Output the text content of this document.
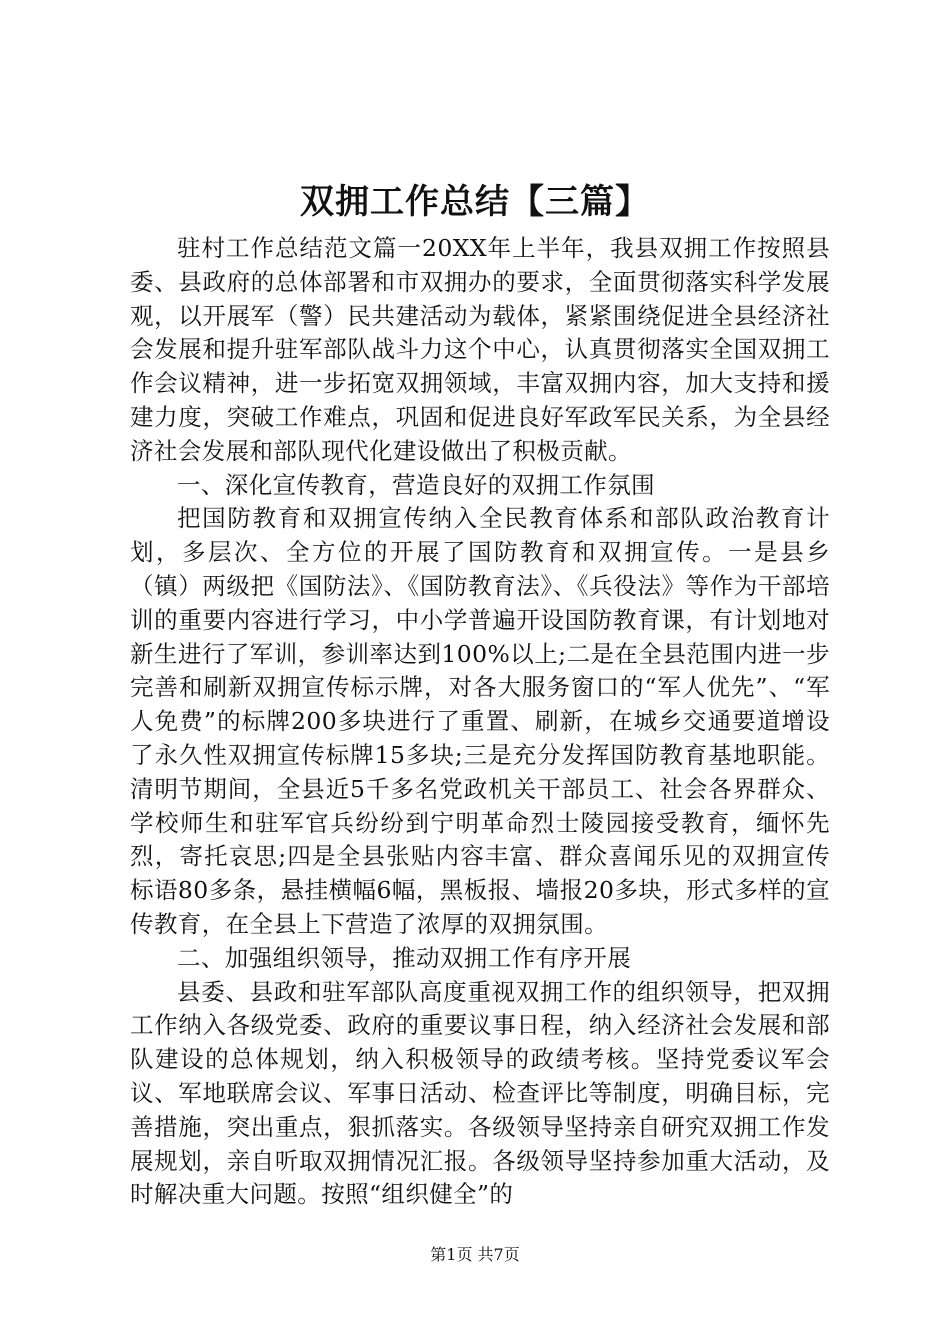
双拥工作总结【三篇】

驻村工作总结范文篇一20XX年上半年，我县双拥工作按照县委、县政府的总体部署和市双拥办的要求，全面贯彻落实科学发展观，以开展军（警）民共建活动为载体，紧紧围绕促进全县经济社会发展和提升驻军部队战斗力这个中心，认真贯彻落实全国双拥工作会议精神，进一步拓宽双拥领域，丰富双拥内容，加大支持和援建力度，突破工作难点，巩固和促进良好军政军民关系，为全县经济社会发展和部队现代化建设做出了积极贡献。

一、深化宣传教育，营造良好的双拥工作氛围

把国防教育和双拥宣传纳入全民教育体系和部队政治教育计划，多层次、全方位的开展了国防教育和双拥宣传。一是县乡（镇）两级把《国防法》、《国防教育法》、《兵役法》等作为干部培训的重要内容进行学习，中小学普遍开设国防教育课，有计划地对新生进行了军训，参训率达到100%以上;二是在全县范围内进一步完善和刷新双拥宣传标示牌，对各大服务窗口的“军人优先”、“军人免费”的标牌200多块进行了重置、刷新，在城乡交通要道增设了永久性双拥宣传标牌15多块;三是充分发挥国防教育基地职能。清明节期间，全县近5千多名党政机关干部员工、社会各界群众、学校师生和驻军官兵纷纷到宁明革命烈士陵园接受教育，缅怀先烈，寄托哀思;四是全县张贴内容丰富、群众喜闻乐见的双拥宣传标语80多条，悬挂横幅6幅，黑板报、墙报20多块，形式多样的宣传教育，在全县上下营造了浓厚的双拥氛围。

二、加强组织领导，推动双拥工作有序开展

县委、县政和驻军部队高度重视双拥工作的组织领导，把双拥工作纳入各级党委、政府的重要议事日程，纳入经济社会发展和部队建设的总体规划，纳入积极领导的政绩考核。坚持党委议军会议、军地联席会议、军事日活动、检查评比等制度，明确目标，完善措施，突出重点，狠抓落实。各级领导坚持亲自研究双拥工作发展规划，亲自听取双拥情况汇报。各级领导坚持参加重大活动，及时解决重大问题。按照“组织健全”的

第1页 共7页
